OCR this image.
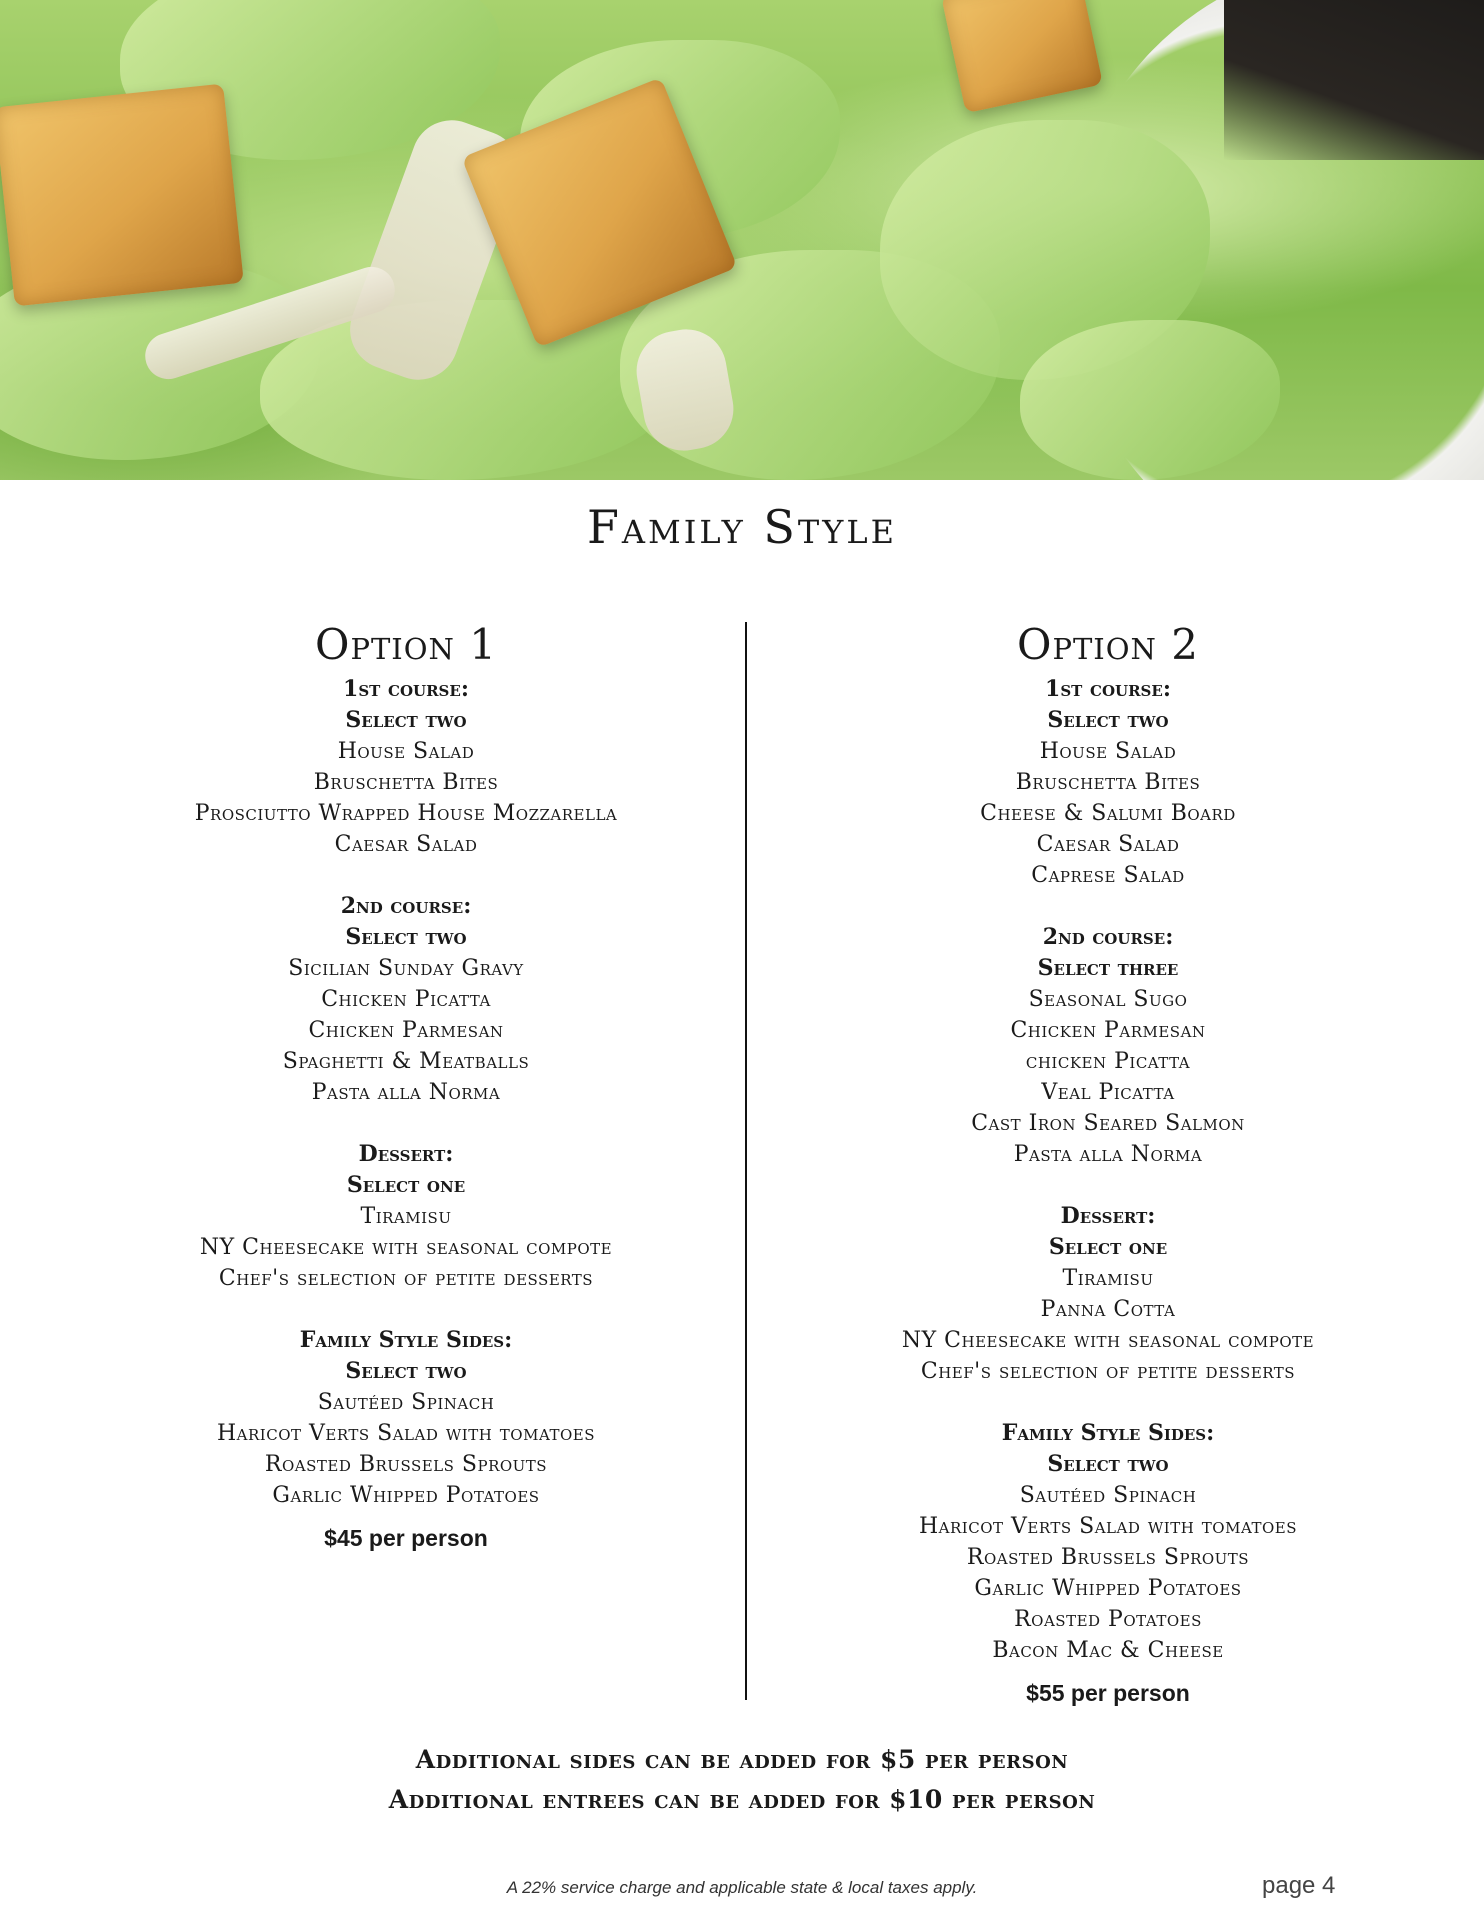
Family Style
Option 1
1st course:
Select two
House Salad
Bruschetta Bites
Prosciutto Wrapped House Mozzarella
Caesar Salad
2nd course:
Select two
Sicilian Sunday Gravy
Chicken Picatta
Chicken Parmesan
Spaghetti & Meatballs
Pasta alla Norma
Dessert:
Select one
Tiramisu
NY Cheesecake with seasonal compote
Chef's selection of petite desserts
Family Style Sides:
Select two
Sautéed Spinach
Haricot Verts Salad with tomatoes
Roasted Brussels Sprouts
Garlic Whipped Potatoes
$45 per person
Option 2
1st course:
Select two
House Salad
Bruschetta Bites
Cheese & Salumi Board
Caesar Salad
Caprese Salad
2nd course:
Select three
Seasonal Sugo
Chicken Parmesan
chicken Picatta
Veal Picatta
Cast Iron Seared Salmon
Pasta alla Norma
Dessert:
Select one
Tiramisu
Panna Cotta
NY Cheesecake with seasonal compote
Chef's selection of petite desserts
Family Style Sides:
Select two
Sautéed Spinach
Haricot Verts Salad with tomatoes
Roasted Brussels Sprouts
Garlic Whipped Potatoes
Roasted Potatoes
Bacon Mac & Cheese
$55 per person
Additional sides can be added for $5 per person
Additional entrees can be added for $10 per person
A 22% service charge and applicable state & local taxes apply.	page 4
